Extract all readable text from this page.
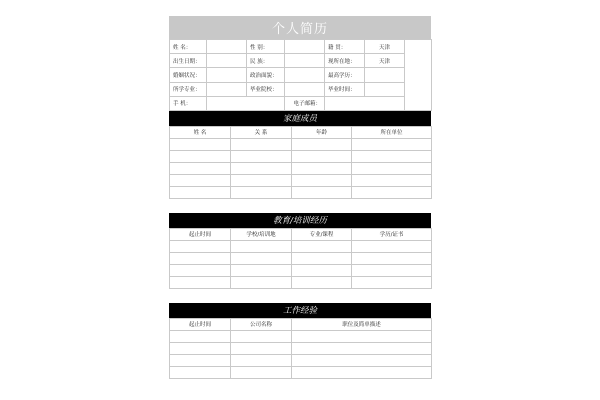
个人简历
姓 名：		性 别：		籍 贯：	天津	
出生日期：		民 族：		现所在地：	天津	
婚姻状况：		政治面貌：		最高学历：		
所学专业：		毕业院校：		毕业时间：		
手 机：			电子邮箱：			
家庭成员
姓 名	关 系	年龄	所在单位

教育/培训经历
起止时间	学校/培训地	专业/课程	学历/证书

工作经验
起止时间	公司名称	职位及简单描述
